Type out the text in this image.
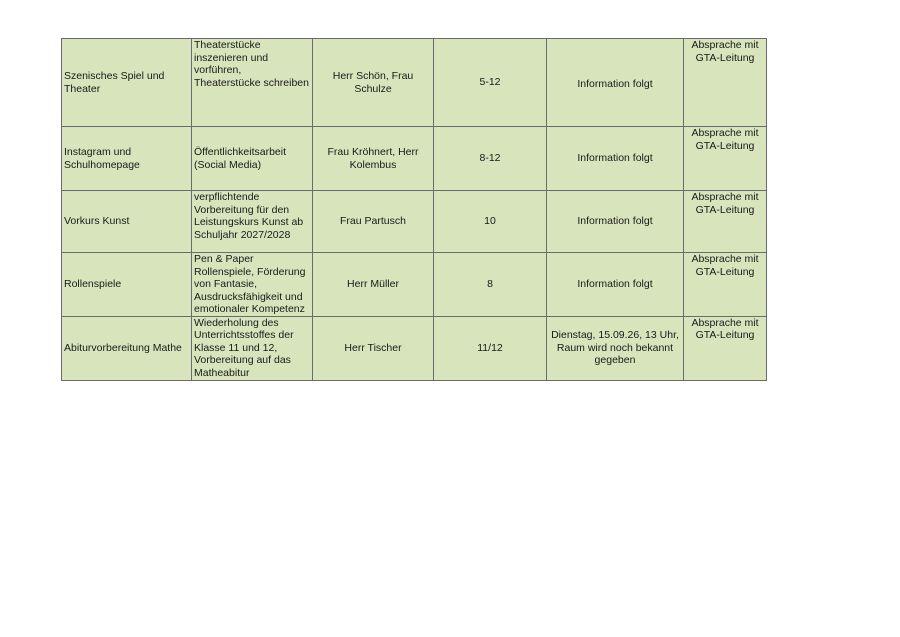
Szenisches Spiel und Theater	Theaterstücke inszenieren und vorführen, Theaterstücke schreiben	Herr Schön, Frau Schulze	5-12	Information folgt	Absprache mit GTA-Leitung
Instagram und Schulhomepage	Öffentlichkeitsarbeit (Social Media)	Frau Kröhnert, Herr Kolembus	8-12	Information folgt	Absprache mit GTA-Leitung
Vorkurs Kunst	verpflichtende Vorbereitung für den Leistungskurs Kunst ab Schuljahr 2027/2028	Frau Partusch	10	Information folgt	Absprache mit GTA-Leitung
Rollenspiele	Pen & Paper Rollenspiele, Förderung von Fantasie, Ausdrucksfähigkeit und emotionaler Kompetenz	Herr Müller	8	Information folgt	Absprache mit GTA-Leitung
Abiturvorbereitung Mathe	Wiederholung des Unterrichtsstoffes der Klasse 11 und 12, Vorbereitung auf das Matheabitur	Herr Tischer	11/12	Dienstag, 15.09.26, 13 Uhr, Raum wird noch bekannt gegeben	Absprache mit GTA-Leitung
